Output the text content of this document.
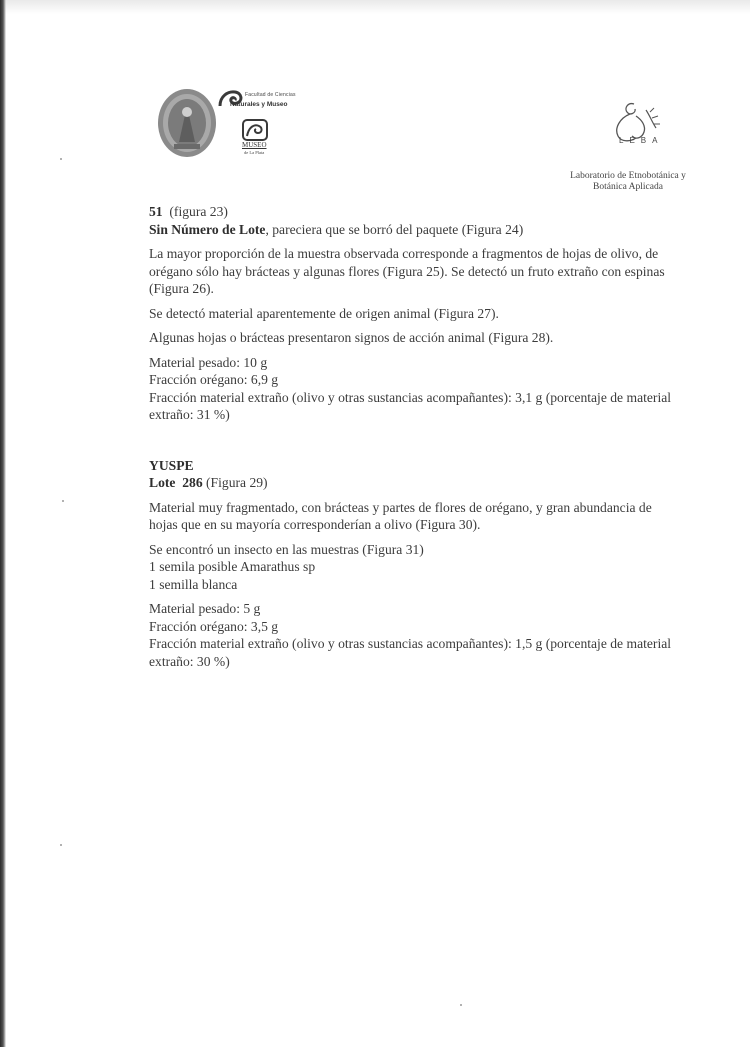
Facultad de Ciencias
Naturales y Museo
MUSEO
de La Plata
LEBA
Laboratorio de Etnobotánica y
Botánica Aplicada

51 (figura 23)

Sin Número de Lote, pareciera que se borró del paquete (Figura 24)

La mayor proporción de la muestra observada corresponde a fragmentos de hojas de olivo, de orégano sólo hay brácteas y algunas flores (Figura 25). Se detectó un fruto extraño con espinas (Figura 26).

Se detectó material aparentemente de origen animal (Figura 27).

Algunas hojas o brácteas presentaron signos de acción animal (Figura 28).

Material pesado: 10 g

Fracción orégano: 6,9 g

Fracción material extraño (olivo y otras sustancias acompañantes): 3,1 g (porcentaje de material extraño: 31 %)

YUSPE

Lote 286 (Figura 29)

Material muy fragmentado, con brácteas y partes de flores de orégano, y gran abundancia de hojas que en su mayoría corresponderían a olivo (Figura 30).

Se encontró un insecto en las muestras (Figura 31)

1 semila posible Amarathus sp

1 semilla blanca

Material pesado: 5 g

Fracción orégano: 3,5 g

Fracción material extraño (olivo y otras sustancias acompañantes): 1,5 g (porcentaje de material extraño: 30 %)
